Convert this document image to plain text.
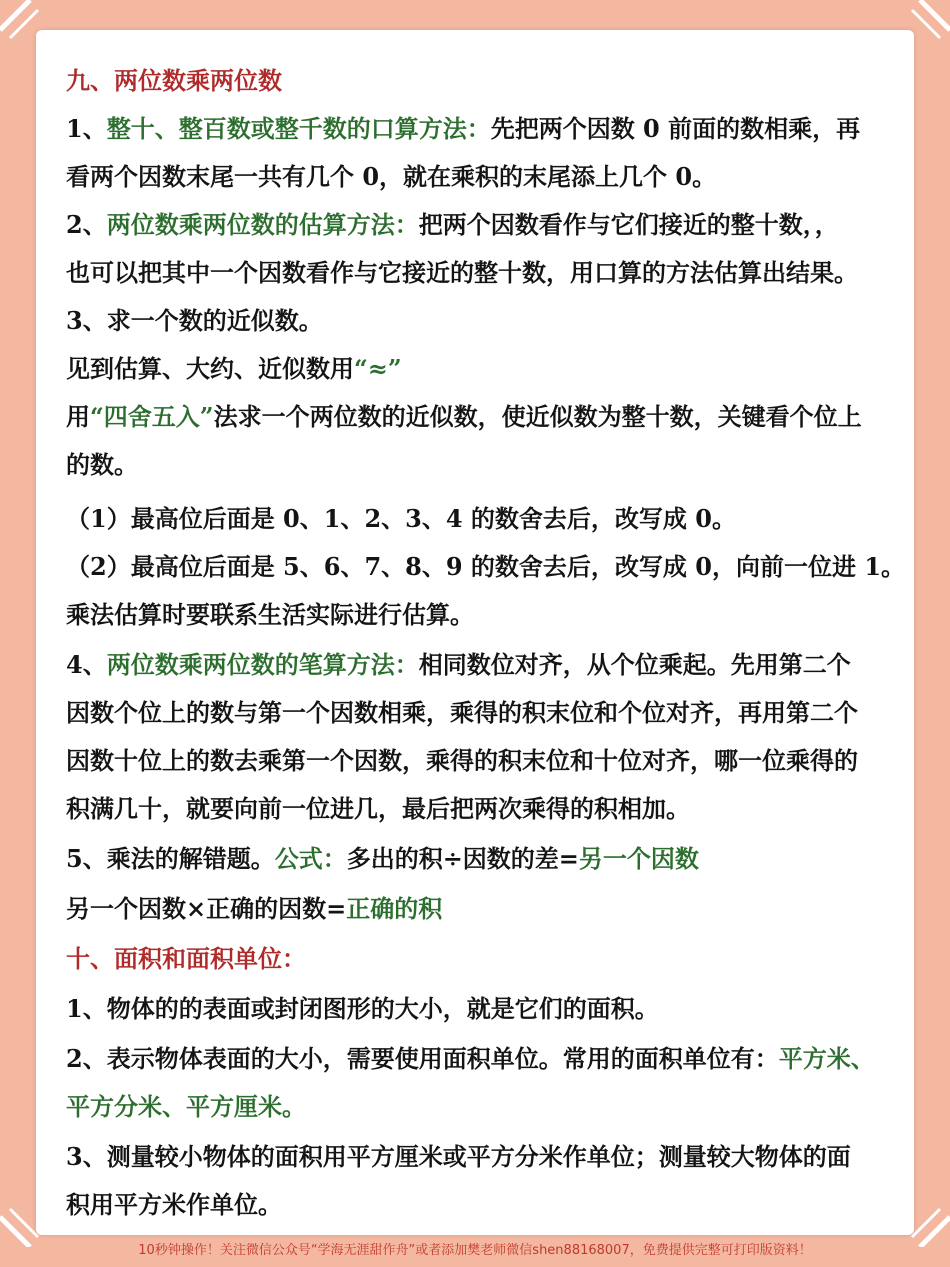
九、两位数乘两位数
1、整十、整百数或整千数的口算方法：先把两个因数 0 前面的数相乘，再
看两个因数末尾一共有几个 0，就在乘积的末尾添上几个 0。
2、两位数乘两位数的估算方法：把两个因数看作与它们接近的整十数，，
也可以把其中一个因数看作与它接近的整十数，用口算的方法估算出结果。
3、求一个数的近似数。
见到估算、大约、近似数用“≈”
用“四舍五入”法求一个两位数的近似数，使近似数为整十数，关键看个位上
的数。
（1）最高位后面是 0、1、2、3、4 的数舍去后，改写成 0。
（2）最高位后面是 5、6、7、8、9 的数舍去后，改写成 0，向前一位进 1。
乘法估算时要联系生活实际进行估算。
4、两位数乘两位数的笔算方法：相同数位对齐，从个位乘起。先用第二个
因数个位上的数与第一个因数相乘，乘得的积末位和个位对齐，再用第二个
因数十位上的数去乘第一个因数，乘得的积末位和十位对齐，哪一位乘得的
积满几十，就要向前一位进几，最后把两次乘得的积相加。
5、乘法的解错题。公式：多出的积÷因数的差=另一个因数
另一个因数×正确的因数=正确的积
十、面积和面积单位：
1、物体的的表面或封闭图形的大小，就是它们的面积。
2、表示物体表面的大小，需要使用面积单位。常用的面积单位有：平方米、
平方分米、平方厘米。
3、测量较小物体的面积用平方厘米或平方分米作单位；测量较大物体的面
积用平方米作单位。
10秒钟操作！关注微信公众号“学海无涯甜作舟”或者添加樊老师微信shen88168007，免费提供完整可打印版资料！
